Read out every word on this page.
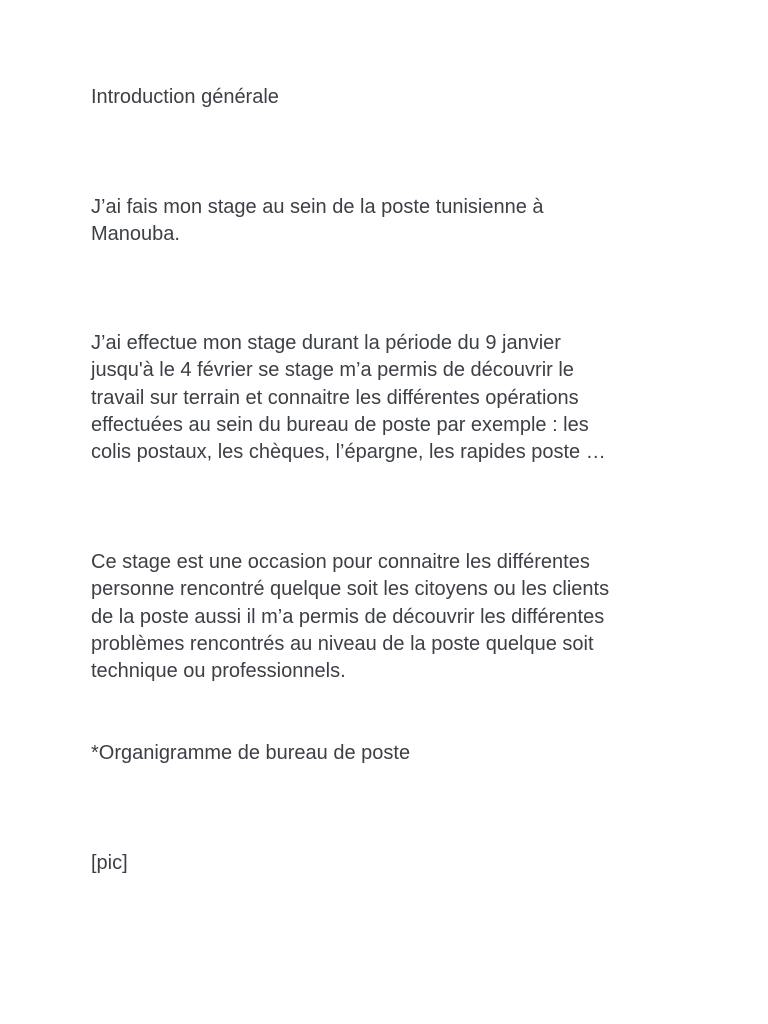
Introduction générale

J’ai fais mon stage au sein de la poste tunisienne à
Manouba.

J’ai effectue mon stage durant la période du 9 janvier
jusqu'à le 4 février se stage m’a permis de découvrir le
travail sur terrain et connaitre les différentes opérations
effectuées au sein du bureau de poste par exemple : les
colis postaux, les chèques, l’épargne, les rapides poste …

Ce stage est une occasion pour connaitre les différentes
personne rencontré quelque soit les citoyens ou les clients
de la poste aussi il m’a permis de découvrir les différentes
problèmes rencontrés au niveau de la poste quelque soit
technique ou professionnels.

*Organigramme de bureau de poste

[pic]
